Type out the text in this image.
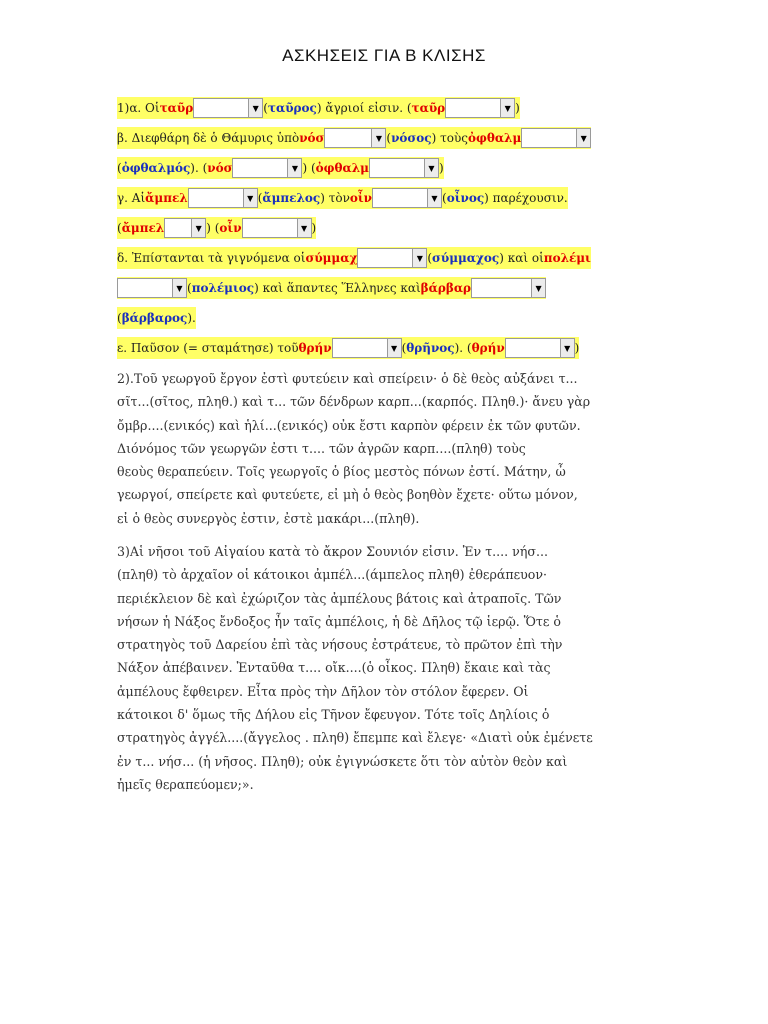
ΑΣΚΗΣΕΙΣ ΓΙΑ Β ΚΛΙΣΗΣ
1)α. Οἱ ταῦρ	▼ ( ταῦρος ) ἄγριοί εἰσιν. ( ταῦρ	▼ )
β. Διεφθάρη δὲ ὁ Θάμυρις ὑπὸ νόσ	▼ ( νόσος ) τοὺς ὀφθαλμ	▼
( ὀφθαλμός ). ( νόσ	▼ ) ( ὀφθαλμ	▼ )
γ. Αἱ ἄμπελ	▼ ( ἄμπελος ) τὸν οἶν	▼ ( οἶνος ) παρέχουσιν.
( ἄμπελ	▼ ) ( οἶν	▼ )
δ. Ἐπίστανται τὰ γιγνόμενα οἱ σύμμαχ	▼ ( σύμμαχος ) καὶ οἱ πολέμι
▼ ( πολέμιος ) καὶ ἅπαντες Ἕλληνες καὶ βάρβαρ	▼
( βάρβαρος ).
ε. Παῦσον (= σταμάτησε) τοῦ θρήν	▼ ( θρῆνος ). ( θρήν	▼ )
2).Τοῦ γεωργοῦ ἔργον ἐστὶ φυτεύειν καὶ σπείρειν· ὁ δὲ θεὸς αὐξάνει τ...
σῖτ...(σῖτος, πληθ.) καὶ τ... τῶν δένδρων καρπ...(καρπός. Πληθ.)· ἄνευ γὰρ
ὄμβρ....(ενικός) καὶ ἡλί...(ενικός) οὐκ ἔστι καρπὸν φέρειν ἐκ τῶν φυτῶν.
Διόνόμος τῶν γεωργῶν ἐστι τ.... τῶν ἀγρῶν καρπ....(πληθ) τοὺς
θεοὺς θεραπεύειν. Τοῖς γεωργοῖς ὁ βίος μεστὸς πόνων ἐστί. Μάτην, ὦ
γεωργοί, σπείρετε καὶ φυτεύετε, εἰ μὴ ὁ θεὸς βοηθὸν ἔχετε· οὕτω μόνον,
εἰ ὁ θεὸς συνεργὸς ἐστιν, ἐστὲ μακάρι...(πληθ).
3)Αἱ νῆσοι τοῦ Αἰγαίου κατὰ τὸ ἄκρον Σουνιόν εἰσιν. Ἐν τ.... νήσ...
(πληθ) τὸ ἀρχαῖον οἱ κάτοικοι ἀμπέλ...(άμπελος πληθ) ἐθεράπευον·
περιέκλειον δὲ καὶ ἐχώριζον τὰς ἀμπέλους βάτοις καὶ ἀτραποῖς. Τῶν
νήσων ἡ Νάξος ἔνδοξος ἦν ταῖς ἀμπέλοις, ἡ δὲ Δῆλος τῷ ἱερῷ. Ὅτε ὁ
στρατηγὸς τοῦ Δαρείου ἐπὶ τὰς νήσους ἐστράτευε, τὸ πρῶτον ἐπὶ τὴν
Νάξον ἀπέβαινεν. Ἐνταῦθα τ.... οἴκ....(ὁ οἶκος. Πληθ) ἔκαιε καὶ τὰς
ἀμπέλους ἔφθειρεν. Εἶτα πρὸς τὴν Δῆλον τὸν στόλον ἔφερεν. Οἱ
κάτοικοι δ' ὅμως τῆς Δήλου εἰς Τῆνον ἔφευγον. Τότε τοῖς Δηλίοις ὁ
στρατηγὸς ἀγγέλ....(ἄγγελος . πληθ) ἔπεμπε καὶ ἔλεγε· «Διατὶ οὐκ ἐμένετε
ἐν τ... νήσ... (ἡ νῆσος. Πληθ); οὐκ ἐγιγνώσκετε ὅτι τὸν αὐτὸν θεὸν καὶ
ἡμεῖς θεραπεύομεν;».
